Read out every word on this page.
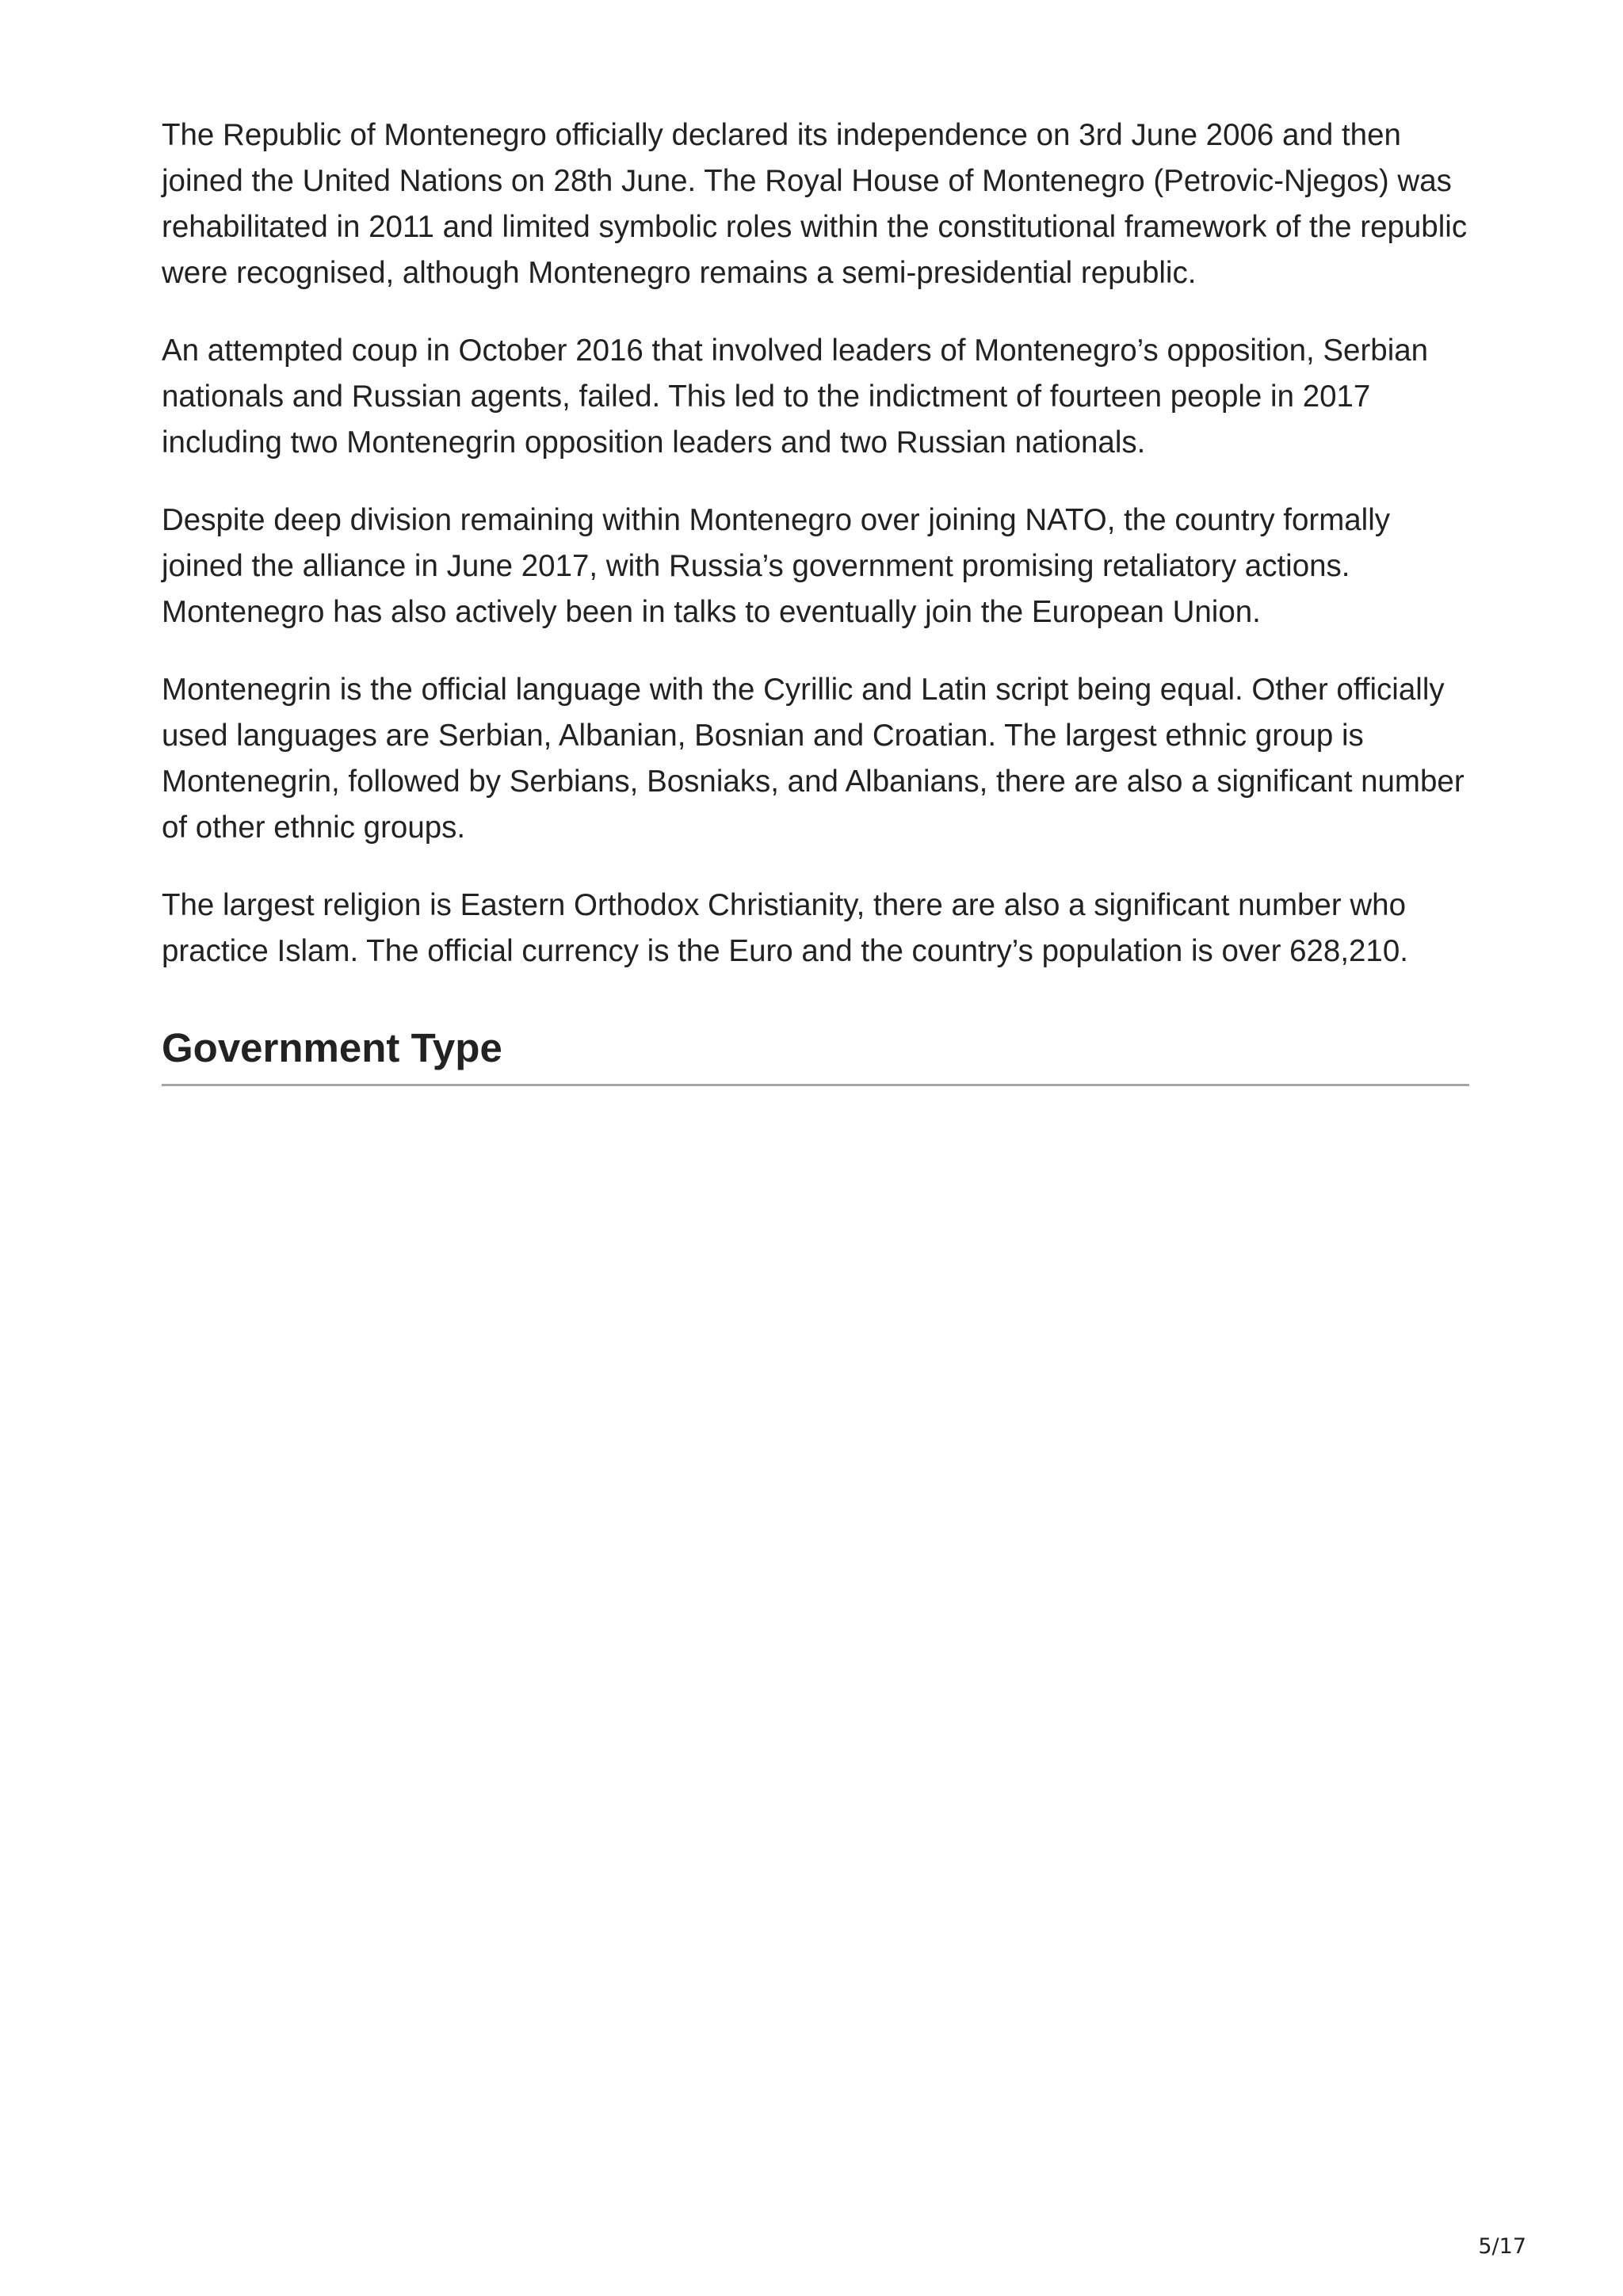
The Republic of Montenegro officially declared its independence on 3rd June 2006 and then joined the United Nations on 28th June. The Royal House of Montenegro (Petrovic-Njegos) was rehabilitated in 2011 and limited symbolic roles within the constitutional framework of the republic were recognised, although Montenegro remains a semi-presidential republic.

An attempted coup in October 2016 that involved leaders of Montenegro’s opposition, Serbian nationals and Russian agents, failed. This led to the indictment of fourteen people in 2017 including two Montenegrin opposition leaders and two Russian nationals.

Despite deep division remaining within Montenegro over joining NATO, the country formally joined the alliance in June 2017, with Russia’s government promising retaliatory actions. Montenegro has also actively been in talks to eventually join the European Union.

Montenegrin is the official language with the Cyrillic and Latin script being equal. Other officially used languages are Serbian, Albanian, Bosnian and Croatian. The largest ethnic group is Montenegrin, followed by Serbians, Bosniaks, and Albanians, there are also a significant number of other ethnic groups.

The largest religion is Eastern Orthodox Christianity, there are also a significant number who practice Islam. The official currency is the Euro and the country’s population is over 628,210.

Government Type
5/17
